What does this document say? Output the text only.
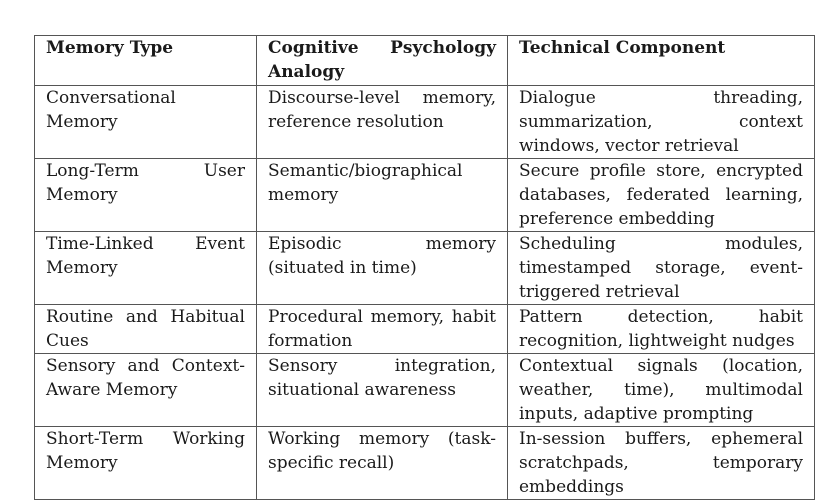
Memory Type	Cognitive Psychology Analogy	Technical Component
Conversational Memory	Discourse-level memory, reference resolution	Dialogue threading, summarization, context windows, vector retrieval
Long-Term User Memory	Semantic/biographical memory	Secure profile store, encrypted databases, federated learning, preference embedding
Time-Linked Event Memory	Episodic memory (situated in time)	Scheduling modules, timestamped storage, event-triggered retrieval
Routine and Habitual Cues	Procedural memory, habit formation	Pattern detection, habit recognition, lightweight nudges
Sensory and Context-Aware Memory	Sensory integration, situational awareness	Contextual signals (location, weather, time), multimodal inputs, adaptive prompting
Short-Term Working Memory	Working memory (task-specific recall)	In-session buffers, ephemeral scratchpads, temporary embeddings
